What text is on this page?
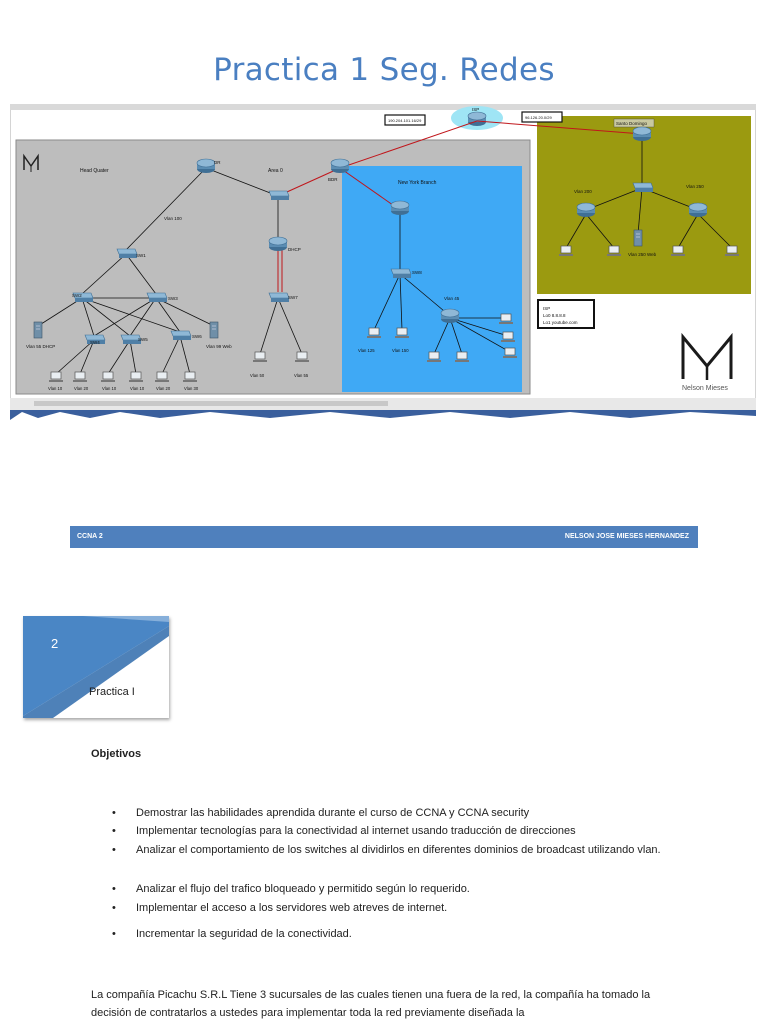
Practica 1 Seg. Redes
Head Quater	Area 0
New York Branch
Santo Domingo
ISP
190.204.101.16/29
96.126.20.0/29
DR
BDR
DHCP
SW1
SW2
SW3
SW4
SW5
SW6
SW7
SW8
Vlan 100
Vlan 55 DHCP	Vlan 99 Web
Vlan 45
Vlan 200
Vlan 250
Vlan 250 Web
Vlan 10	Vlan 20	Vlan 10	Vlan 10	Vlan 20	Vlan 30
Vlan 50	Vlan 55
Vlan 125	Vlan 150
ISP
Lo0 8.8.8.8
Lo1 youtube.com
Nelson Mieses
CCNA 2	NELSON JOSE MIESES HERNANDEZ
2
Practica I
Objetivos
•	Demostrar las habilidades aprendida durante el curso de CCNA y CCNA security
•	Implementar tecnologías para la conectividad al internet usando traducción de direcciones
•	Analizar el comportamiento de los switches al dividirlos en diferentes dominios de broadcast utilizando vlan.
•	Analizar el flujo del trafico bloqueado y permitido según lo requerido.
•	Implementar el acceso a los servidores web atreves de internet.
•	Incrementar la seguridad de la conectividad.
La compañía Picachu S.R.L Tiene 3 sucursales de las cuales tienen una fuera de la red, la compañía ha tomado la decisión de contratarlos a ustedes para implementar toda la red previamente diseñada la
